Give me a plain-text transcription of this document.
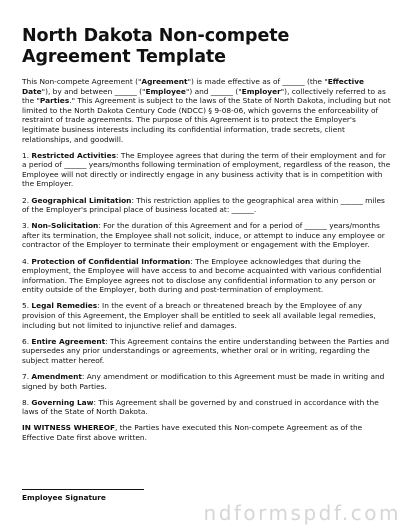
North Dakota Non-compete Agreement Template

This Non-compete Agreement ("Agreement") is made effective as of ______ (the "Effective Date"), by and between ______ ("Employee") and ______ ("Employer"), collectively referred to as the "Parties." This Agreement is subject to the laws of the State of North Dakota, including but not limited to the North Dakota Century Code (NDCC) § 9-08-06, which governs the enforceability of restraint of trade agreements. The purpose of this Agreement is to protect the Employer's legitimate business interests including its confidential information, trade secrets, client relationships, and goodwill.

1. Restricted Activities: The Employee agrees that during the term of their employment and for a period of ______ years/months following termination of employment, regardless of the reason, the Employee will not directly or indirectly engage in any business activity that is in competition with the Employer.

2. Geographical Limitation: This restriction applies to the geographical area within ______ miles of the Employer's principal place of business located at: ______.

3. Non-Solicitation: For the duration of this Agreement and for a period of ______ years/months after its termination, the Employee shall not solicit, induce, or attempt to induce any employee or contractor of the Employer to terminate their employment or engagement with the Employer.

4. Protection of Confidential Information: The Employee acknowledges that during the employment, the Employee will have access to and become acquainted with various confidential information. The Employee agrees not to disclose any confidential information to any person or entity outside of the Employer, both during and post-termination of employment.

5. Legal Remedies: In the event of a breach or threatened breach by the Employee of any provision of this Agreement, the Employer shall be entitled to seek all available legal remedies, including but not limited to injunctive relief and damages.

6. Entire Agreement: This Agreement contains the entire understanding between the Parties and supersedes any prior understandings or agreements, whether oral or in writing, regarding the subject matter hereof.

7. Amendment: Any amendment or modification to this Agreement must be made in writing and signed by both Parties.

8. Governing Law: This Agreement shall be governed by and construed in accordance with the laws of the State of North Dakota.

IN WITNESS WHEREOF, the Parties have executed this Non-compete Agreement as of the Effective Date first above written.

Employee Signature
ndformspdf.com
